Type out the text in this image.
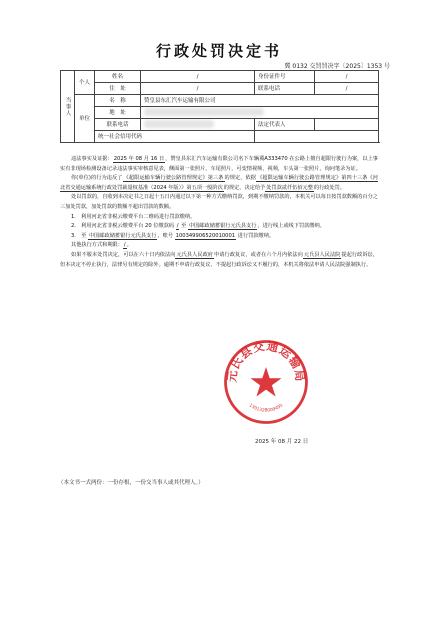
行政处罚决定书
冀 0132 交罚罚决字〔2025〕1353 号
当事人	个人	姓名	/	身份证件号	/
		住　址	/	联系电话	/
	单位	名　称	赞皇县东汇汽车运输有限公司		
		地　址			
		联系电话		法定代表人	
		统一社会信用代码			

违法事实及证据：2025 年 08 月 16 日，赞皇县东汇汽车运输有限公司名下车辆冀A333470 在公路上擅自超限行驶行为案，以上事实有非现场检测设备记录违法事实审核意见表，侧面第一张照片，车尾照片，可变情视频，视频，车头第一张照片，询问笔录为证。

你(单位)的行为违反了《超限运输车辆行驶公路管理规定》第三条的规定，依据《超限运输车辆行驶公路管理规定》第四十三条《河北省交通运输系统行政处罚裁量权基准（2024 年版）》第五项一般阶次的规定，决定给予处罚款贰仟伍佰元整的行政处罚。

处以罚款的，自收到本决定书之日起十五日内通过以下第一种方式缴纳罚款，到期不缴纳罚款的，本机关可以每日按罚款数额的百分之三加处罚款，加处罚款的数额不超出罚款的数额。

1.　利用河北省非税云缴费平台二维码进行罚款缴纳。

2.　利用河北省非税云缴费平台 20 位缴款码 / 至 中国邮政储蓄银行元氏县支行，进行线上或线下罚款缴纳。

3.　至 中国邮政储蓄银行元氏县支行，账号 100349906520010001 进行罚款缴纳。

其他执行方式和期限：/。

如果不服本处罚决定，可以在六十日内依法向元氏县人民政府申请行政复议，或者在六个月内依法向元氏县人民法院提起行政诉讼，但本决定不停止执行，法律另有规定的除外。逾期不申请行政复议、不提起行政诉讼又不履行的，本机关将依法申请人民法院强制执行。

元氏县交通运输局
130132B009495
2025 年 08 月 22 日
（本文书一式两份：一份存根，一份交当事人或其代理人。）
